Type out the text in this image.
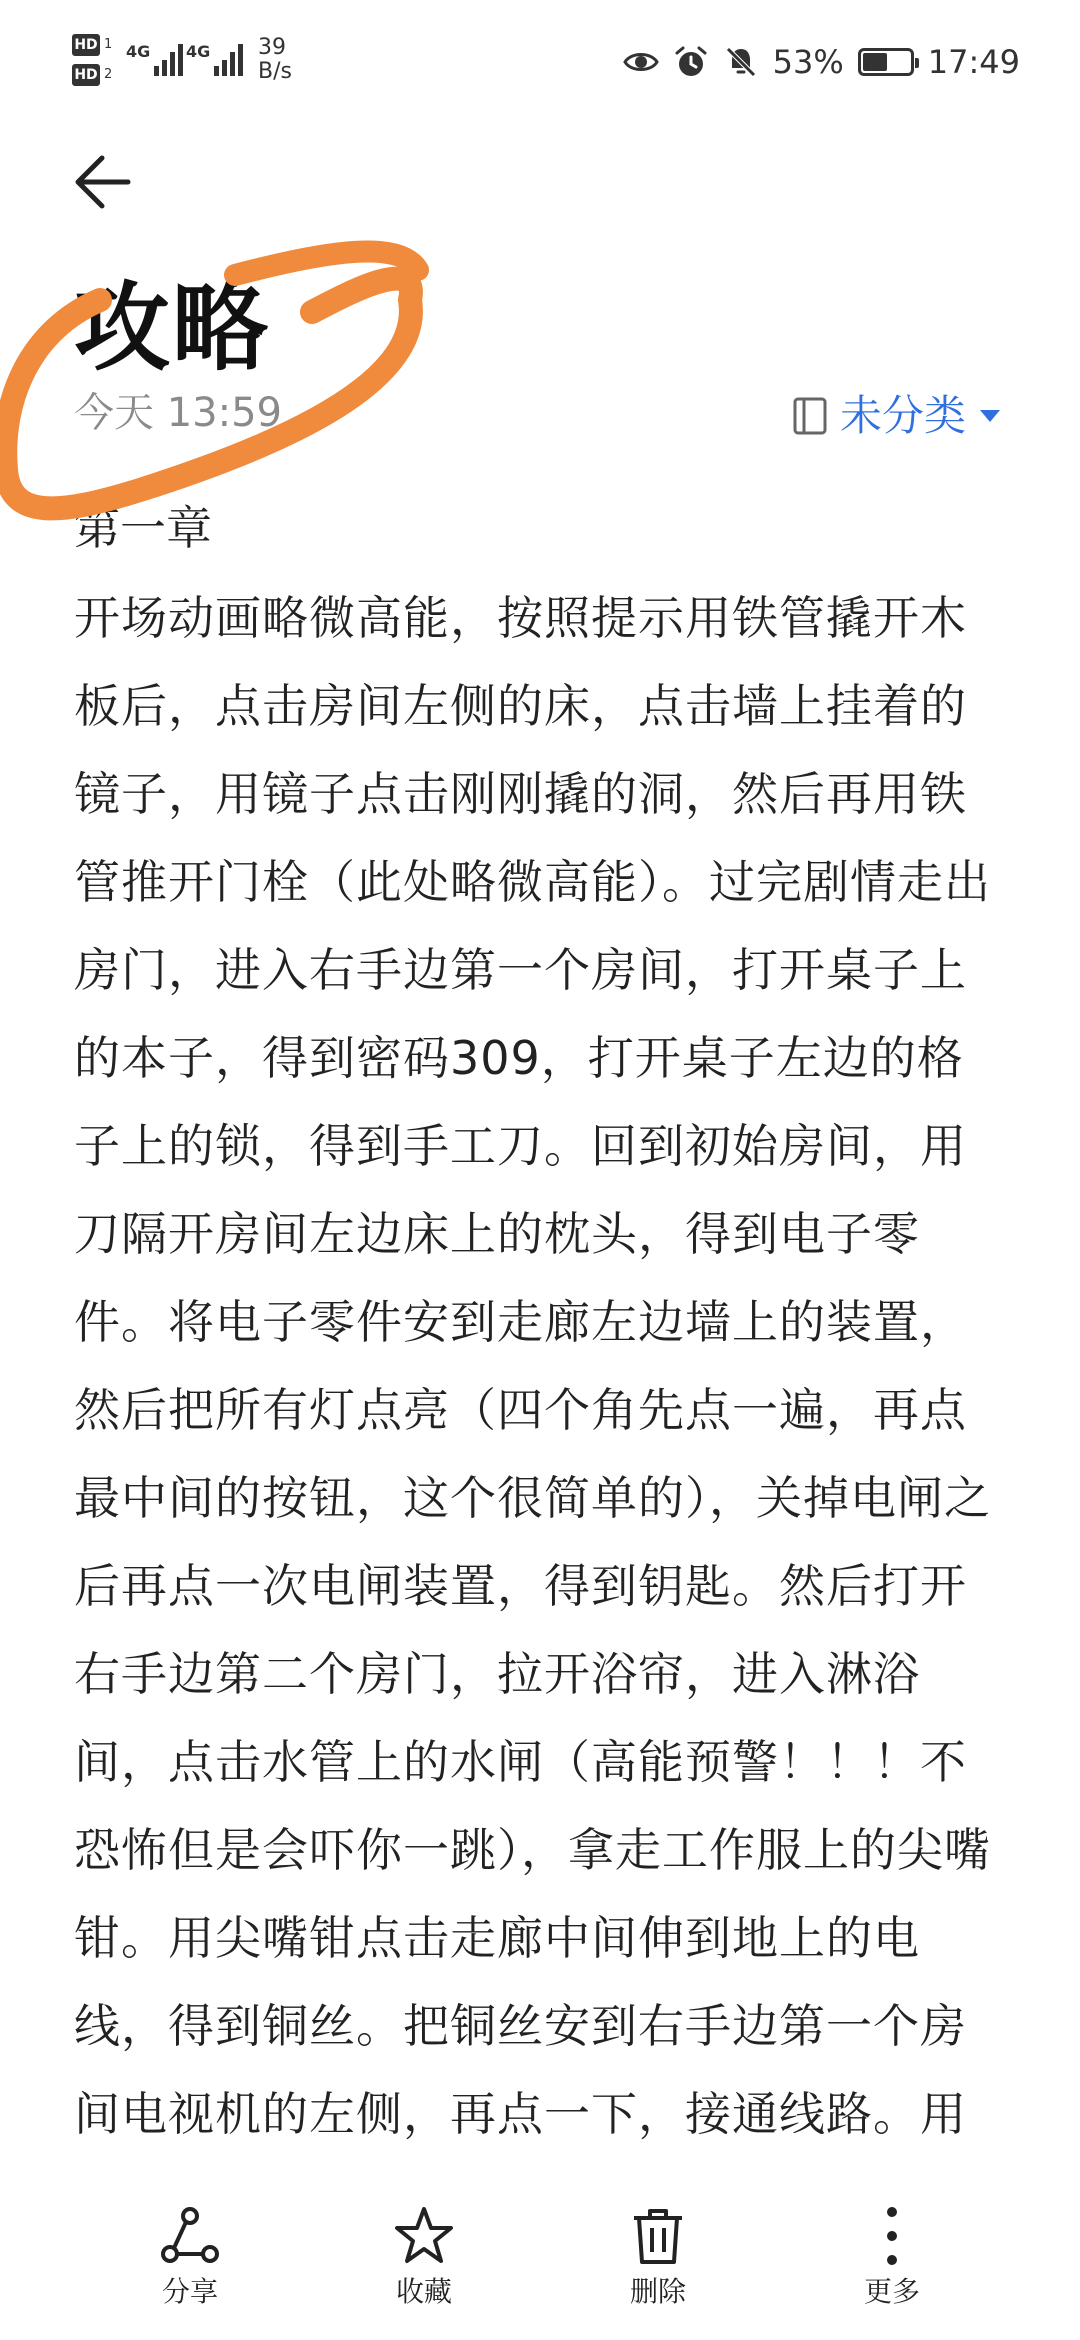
HD 1
HD 2
4G 4G 39
B/s	53%	17:49
攻略
今天 13:59	未分类

第一章

开场动画略微高能，按照提示用铁管撬开木板后，点击房间左侧的床，点击墙上挂着的镜子，用镜子点击刚刚撬的洞，然后再用铁管推开门栓（此处略微高能）。过完剧情走出房门，进入右手边第一个房间，打开桌子上的本子，得到密码309，打开桌子左边的格子上的锁，得到手工刀。回到初始房间，用刀隔开房间左边床上的枕头，得到电子零件。将电子零件安到走廊左边墙上的装置，然后把所有灯点亮（四个角先点一遍，再点最中间的按钮，这个很简单的），关掉电闸之后再点一次电闸装置，得到钥匙。然后打开右手边第二个房门，拉开浴帘，进入淋浴间，点击水管上的水闸（高能预警！！！不恐怖但是会吓你一跳），拿走工作服上的尖嘴钳。用尖嘴钳点击走廊中间伸到地上的电线，得到铜丝。把铜丝安到右手边第一个房间电视机的左侧，再点一下，接通线路。用

分享	收藏	删除	更多
